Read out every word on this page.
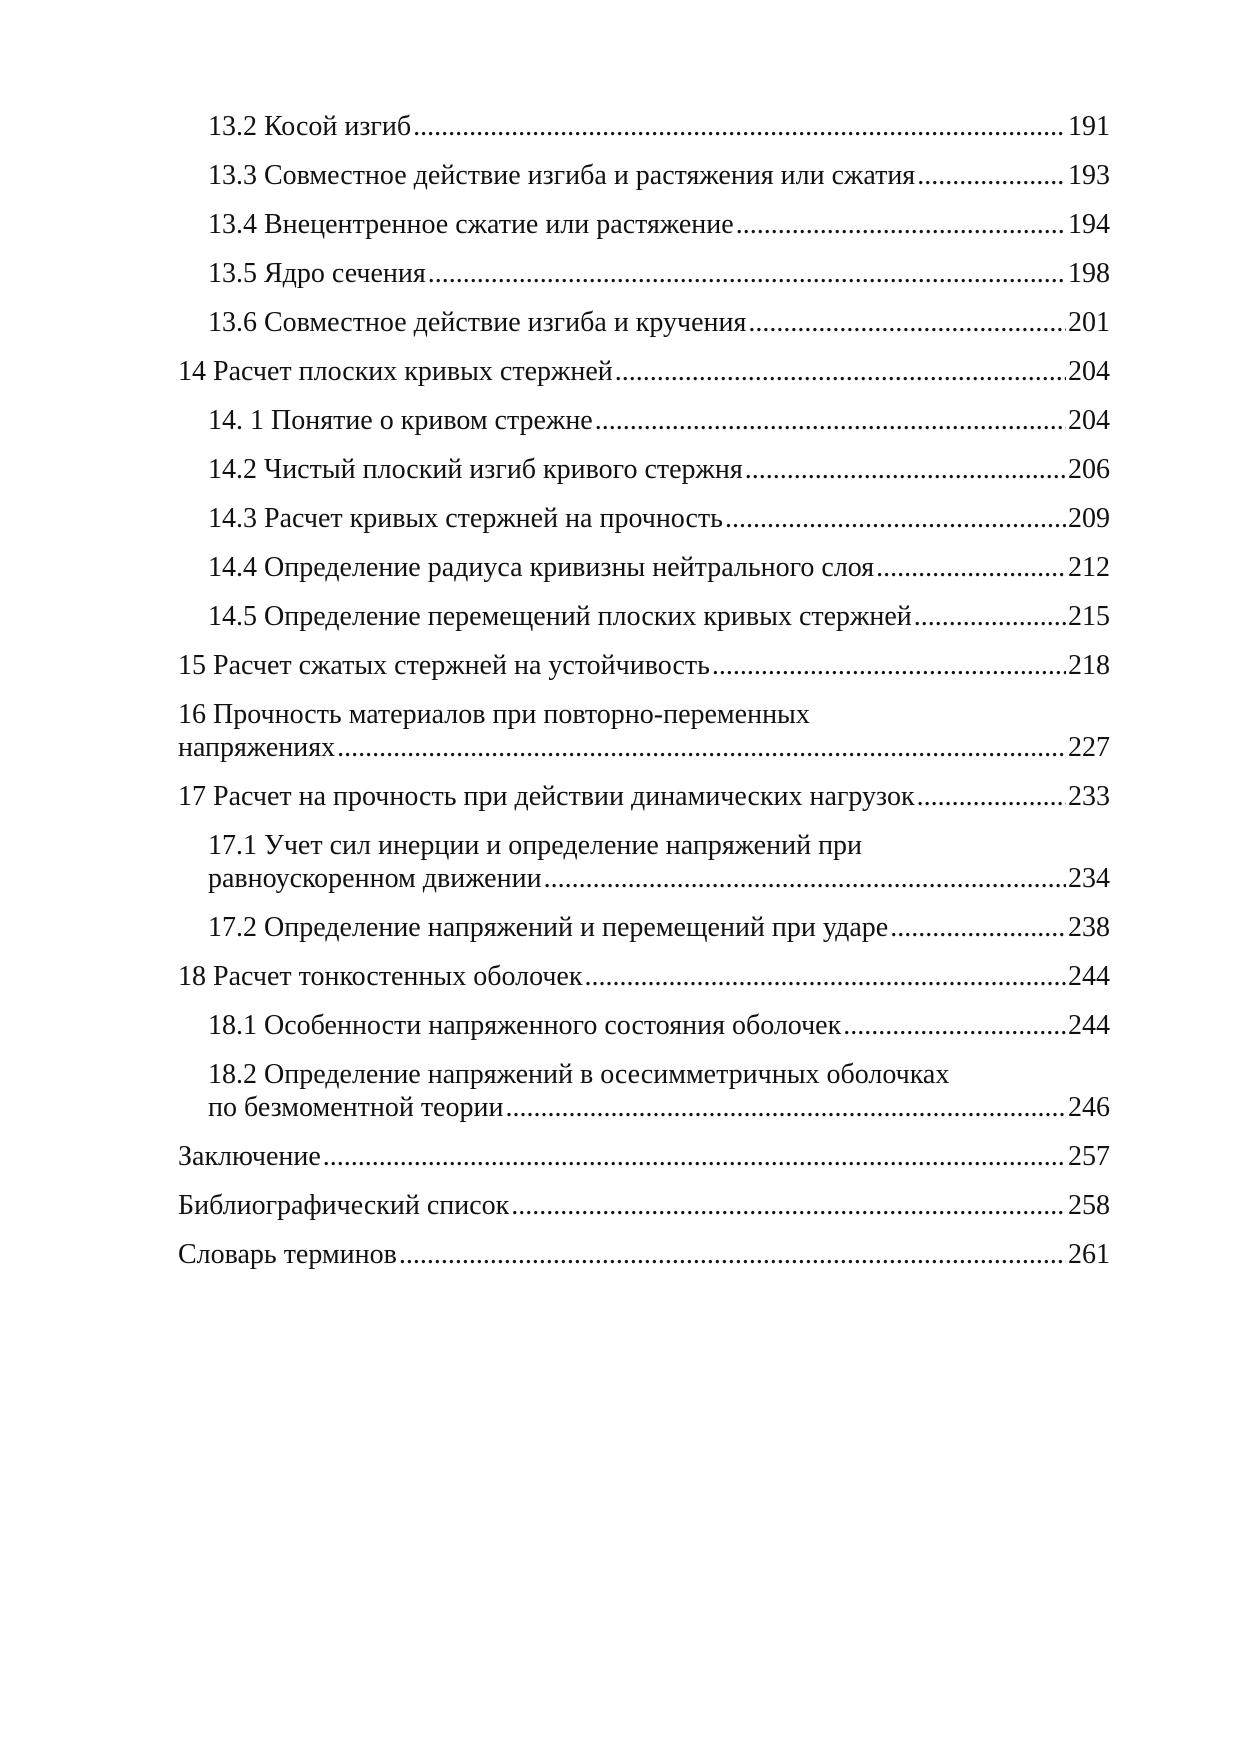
13.2 Косой изгиб .....	191
13.3 Совместное действие изгиба и растяжения или сжатия .....	193
13.4 Внецентренное сжатие или растяжение .....	194
13.5 Ядро сечения .....	198
13.6 Совместное действие изгиба и кручения .....	201
14 Расчет плоских кривых стержней .....	204
14. 1 Понятие о кривом стрежне .....	204
14.2 Чистый плоский изгиб кривого стержня .....	206
14.3 Расчет кривых стержней на прочность .....	209
14.4 Определение радиуса кривизны нейтрального слоя .....	212
14.5 Определение перемещений плоских кривых стержней .....	215
15 Расчет сжатых стержней на устойчивость .....	218
16 Прочность материалов при повторно-переменных
напряжениях .....	227
17 Расчет на прочность при действии динамических нагрузок .....	233
17.1 Учет сил инерции и определение напряжений при
равноускоренном движении .....	234
17.2 Определение напряжений и перемещений при ударе .....	238
18 Расчет тонкостенных оболочек .....	244
18.1 Особенности напряженного состояния оболочек .....	244
18.2 Определение напряжений в осесимметричных оболочках
по безмоментной теории .....	246
Заключение .....	257
Библиографический список .....	258
Словарь терминов .....	261
